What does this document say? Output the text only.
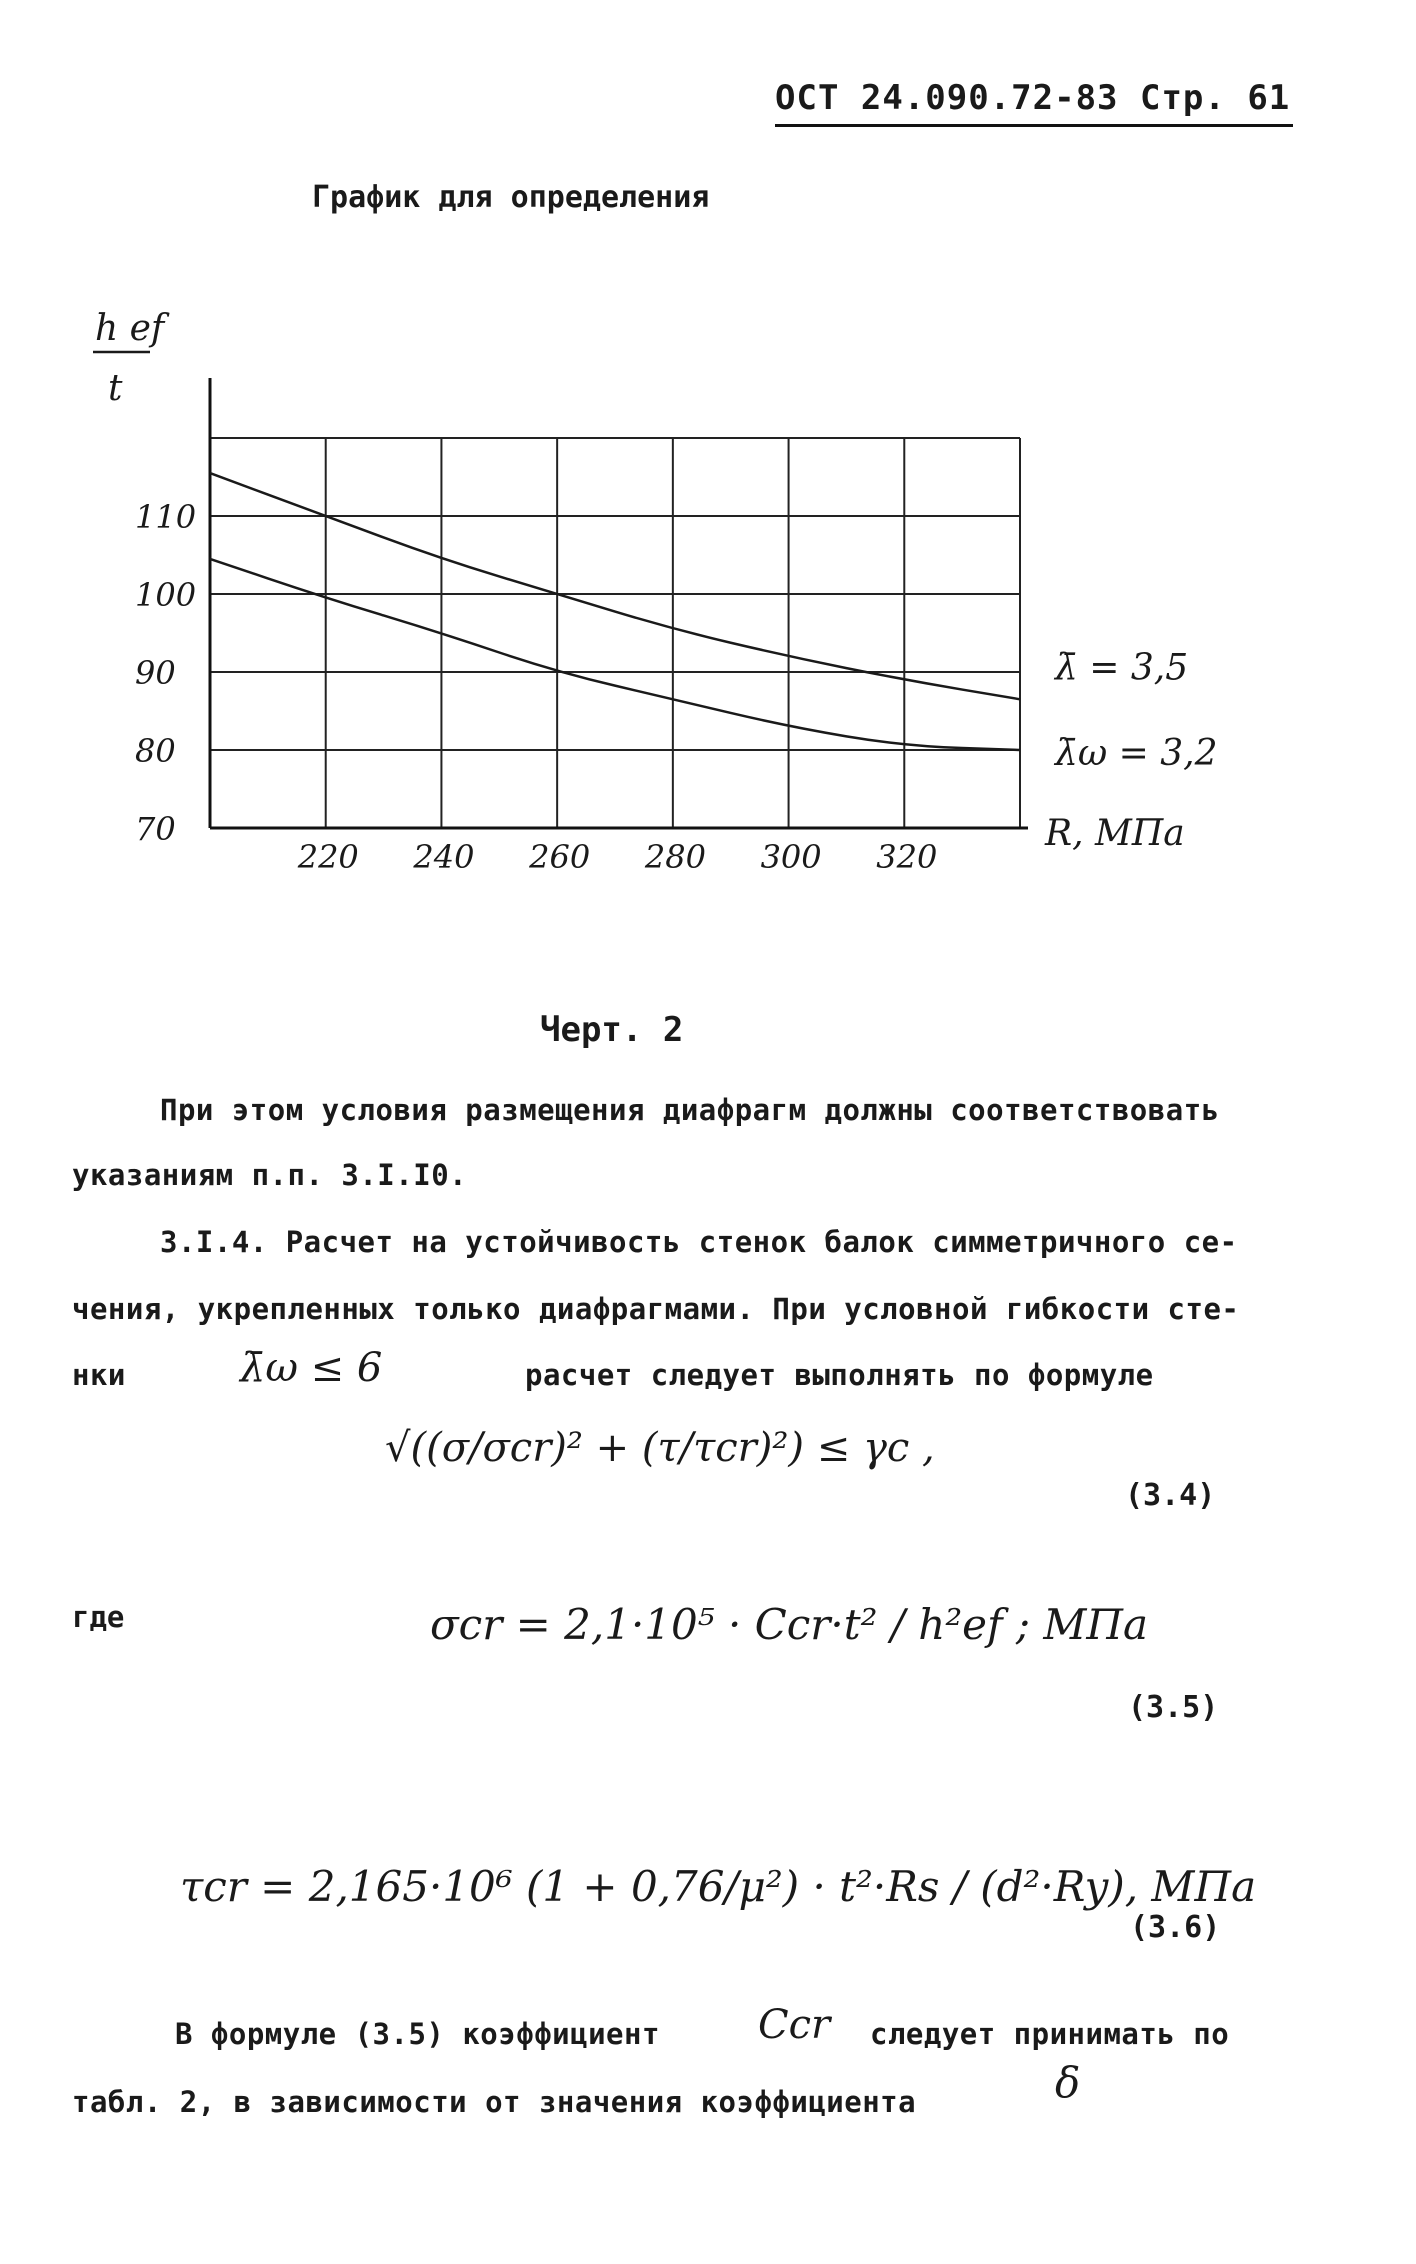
ОСТ 24.090.72-83 Стр. 61
График для определения
h ef
t
220 240 260 280 300 320
110
100
90
80
70
λ̄ = 3,5
λ̄ω = 3,2
R, МПа
Черт. 2
При этом условия размещения диафрагм должны соответствовать
указаниям п.п. 3.I.I0.
3.I.4. Расчет на устойчивость стенок балок симметричного се-
чения, укрепленных только диафрагмами. При условной гибкости сте-
нки	λ̄ω ≤ 6	расчет следует выполнять по формуле
√((σ/σcr)² + (τ/τcr)²) ≤ γc ,
(3.4)
где	σcr = 2,1·10⁵ · Ccr·t² / h²ef ; МПа
(3.5)
τcr = 2,165·10⁶ (1 + 0,76/μ²) · t²·Rs / (d²·Ry), МПа
(3.6)
В формуле (3.5) коэффициент Ccr следует принимать по
табл. 2, в зависимости от значения коэффициента	δ
